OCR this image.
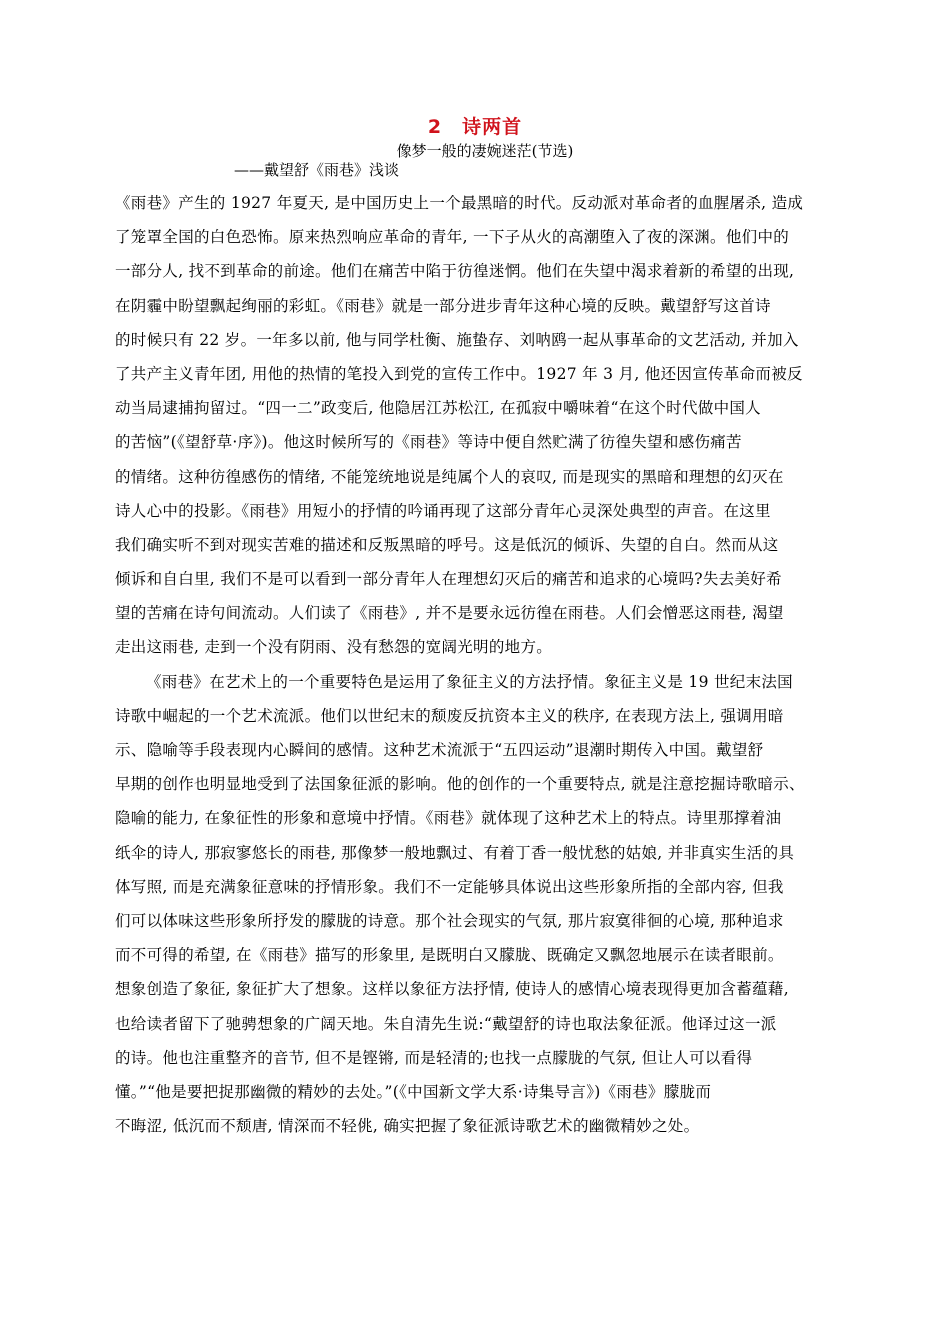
2　诗两首
像梦一般的凄婉迷茫(节选)
——戴望舒《雨巷》浅谈
《雨巷》产生的 1927 年夏天, 是中国历史上一个最黑暗的时代。反动派对革命者的血腥屠杀, 造成
了笼罩全国的白色恐怖。原来热烈响应革命的青年, 一下子从火的高潮堕入了夜的深渊。他们中的
一部分人, 找不到革命的前途。他们在痛苦中陷于彷徨迷惘。他们在失望中渴求着新的希望的出现,
在阴霾中盼望飘起绚丽的彩虹。《雨巷》就是一部分进步青年这种心境的反映。戴望舒写这首诗
的时候只有 22 岁。一年多以前, 他与同学杜衡、施蛰存、刘呐鸥一起从事革命的文艺活动, 并加入
了共产主义青年团, 用他的热情的笔投入到党的宣传工作中。1927 年 3 月, 他还因宣传革命而被反
动当局逮捕拘留过。“四一二”政变后, 他隐居江苏松江, 在孤寂中嚼味着“在这个时代做中国人
的苦恼”(《望舒草·序》)。他这时候所写的《雨巷》等诗中便自然贮满了彷徨失望和感伤痛苦
的情绪。这种彷徨感伤的情绪, 不能笼统地说是纯属个人的哀叹, 而是现实的黑暗和理想的幻灭在
诗人心中的投影。《雨巷》用短小的抒情的吟诵再现了这部分青年心灵深处典型的声音。在这里
我们确实听不到对现实苦难的描述和反叛黑暗的呼号。这是低沉的倾诉、失望的自白。然而从这
倾诉和自白里, 我们不是可以看到一部分青年人在理想幻灭后的痛苦和追求的心境吗?失去美好希
望的苦痛在诗句间流动。人们读了《雨巷》, 并不是要永远彷徨在雨巷。人们会憎恶这雨巷, 渴望
走出这雨巷, 走到一个没有阴雨、没有愁怨的宽阔光明的地方。
《雨巷》在艺术上的一个重要特色是运用了象征主义的方法抒情。象征主义是 19 世纪末法国
诗歌中崛起的一个艺术流派。他们以世纪末的颓废反抗资本主义的秩序, 在表现方法上, 强调用暗
示、隐喻等手段表现内心瞬间的感情。这种艺术流派于“五四运动”退潮时期传入中国。戴望舒
早期的创作也明显地受到了法国象征派的影响。他的创作的一个重要特点, 就是注意挖掘诗歌暗示、
隐喻的能力, 在象征性的形象和意境中抒情。《雨巷》就体现了这种艺术上的特点。诗里那撑着油
纸伞的诗人, 那寂寥悠长的雨巷, 那像梦一般地飘过、有着丁香一般忧愁的姑娘, 并非真实生活的具
体写照, 而是充满象征意味的抒情形象。我们不一定能够具体说出这些形象所指的全部内容, 但我
们可以体味这些形象所抒发的朦胧的诗意。那个社会现实的气氛, 那片寂寞徘徊的心境, 那种追求
而不可得的希望, 在《雨巷》描写的形象里, 是既明白又朦胧、既确定又飘忽地展示在读者眼前。
想象创造了象征, 象征扩大了想象。这样以象征方法抒情, 使诗人的感情心境表现得更加含蓄蕴藉,
也给读者留下了驰骋想象的广阔天地。朱自清先生说:“戴望舒的诗也取法象征派。他译过这一派
的诗。他也注重整齐的音节, 但不是铿锵, 而是轻清的;也找一点朦胧的气氛, 但让人可以看得
懂。”“他是要把捉那幽微的精妙的去处。”(《中国新文学大系·诗集导言》)《雨巷》朦胧而
不晦涩, 低沉而不颓唐, 情深而不轻佻, 确实把握了象征派诗歌艺术的幽微精妙之处。
